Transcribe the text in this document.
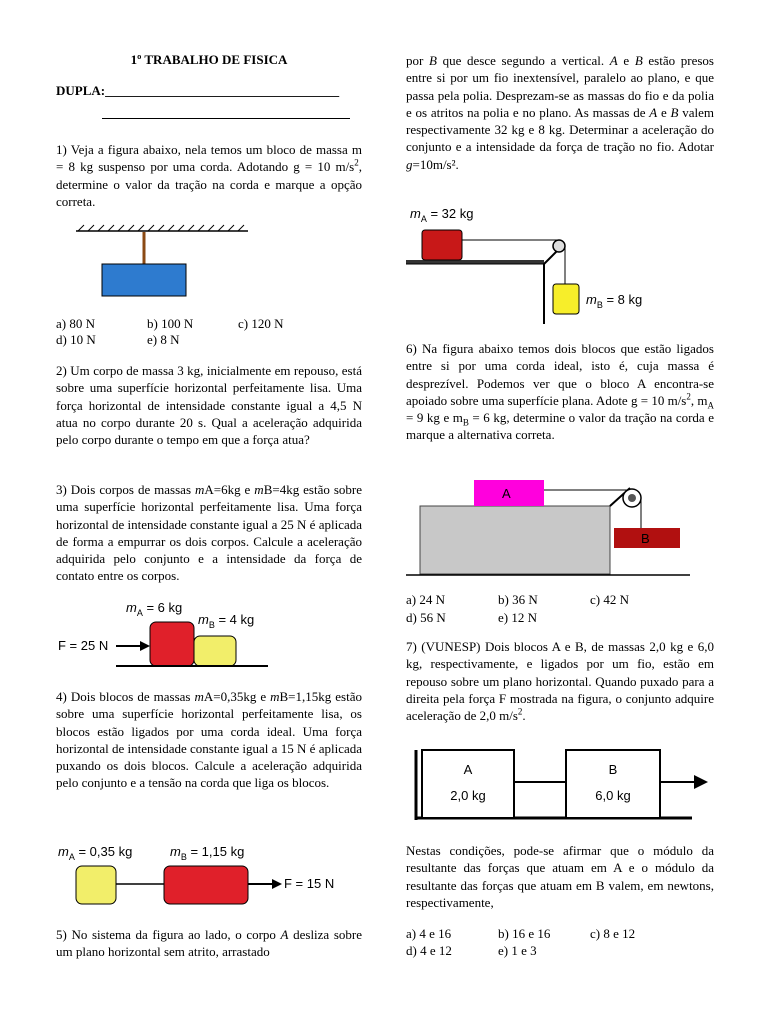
1º TRABALHO DE FISICA
DUPLA:____________________________________

1) Veja a figura abaixo, nela temos um bloco de massa m = 8 kg suspenso por uma corda. Adotando g = 10 $m/s^2$, determine o valor da tração na corda e marque a opção correta.

a) 80 N	b) 100 N	c) 120 N
d) 10 N	e) 8 N

2) Um corpo de massa 3 kg, inicialmente em repouso, está sobre uma superfície horizontal perfeitamente lisa. Uma força horizontal de intensidade constante igual a 4,5 N atua no corpo durante 20 s. Qual a aceleração adquirida pelo corpo durante o tempo em que a força atua?

3) Dois corpos de massas mA=6kg e mB=4kg estão sobre uma superfície horizontal perfeitamente lisa. Uma força horizontal de intensidade constante igual a 25 N é aplicada de forma a empurrar os dois corpos. Calcule a aceleração adquirida pelo conjunto e a intensidade da força de contato entre os corpos.

$m_A = 6$ kg
$m_B = 4$ kg
F = 25 N

4) Dois blocos de massas mA=0,35kg e mB=1,15kg estão sobre uma superfície horizontal perfeitamente lisa, os blocos estão ligados por uma corda ideal. Uma força horizontal de intensidade constante igual a 15 N é aplicada puxando os dois blocos. Calcule a aceleração adquirida pelo conjunto e a tensão na corda que liga os blocos.

$m_A = 0,35$ kg	$m_B = 1,15$ kg
F = 15 N

5) No sistema da figura ao lado, o corpo A desliza sobre um plano horizontal sem atrito, arrastado

por B que desce segundo a vertical. A e B estão presos entre si por um fio inextensível, paralelo ao plano, e que passa pela polia. Desprezam-se as massas do fio e da polia e os atritos na polia e no plano. As massas de A e B valem respectivamente 32 kg e 8 kg. Determinar a aceleração do conjunto e a intensidade da força de tração no fio. Adotar g=10m/s².

$m_A = 32$ kg
$m_B = 8$ kg

6) Na figura abaixo temos dois blocos que estão ligados entre si por uma corda ideal, isto é, cuja massa é desprezível. Podemos ver que o bloco A encontra-se apoiado sobre uma superfície plana. Adote g = 10 $m/s^2$, $m_A = 9$ kg e $m_B = 6$ kg, determine o valor da tração na corda e marque a alternativa correta.

A
B
a) 24 N	b) 36 N	c) 42 N
d) 56 N	e) 12 N

7) (VUNESP) Dois blocos A e B, de massas 2,0 kg e 6,0 kg, respectivamente, e ligados por um fio, estão em repouso sobre um plano horizontal. Quando puxado para a direita pela força F mostrada na figura, o conjunto adquire aceleração de 2,0 $m/s^2$.

A
2,0 kg
B
6,0 kg

Nestas condições, pode-se afirmar que o módulo da resultante das forças que atuam em A e o módulo da resultante das forças que atuam em B valem, em newtons, respectivamente,

a) 4 e 16	b) 16 e 16	c) 8 e 12
d) 4 e 12	e) 1 e 3
